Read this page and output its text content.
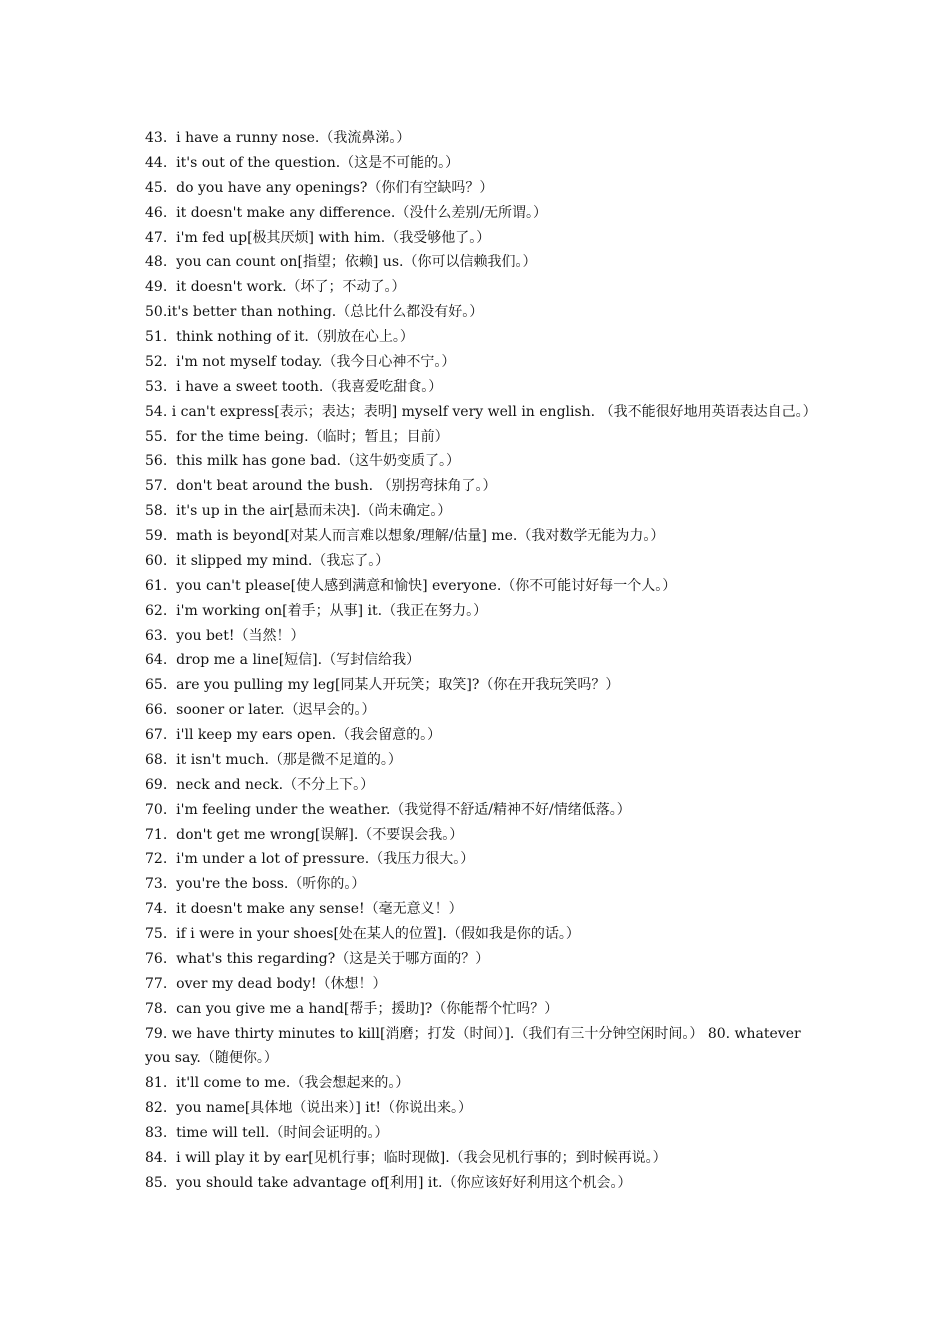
43.  i have a runny nose.（我流鼻涕。）
44.  it's out of the question.（这是不可能的。）
45.  do you have any openings?（你们有空缺吗？）
46.  it doesn't make any difference.（没什么差别/无所谓。）
47.  i'm fed up[极其厌烦] with him.（我受够他了。）
48.  you can count on[指望；依赖] us.（你可以信赖我们。）
49.  it doesn't work.（坏了；不动了。）
50.it's better than nothing.（总比什么都没有好。）
51.  think nothing of it.（别放在心上。）
52.  i'm not myself today.（我今日心神不宁。）
53.  i have a sweet tooth.（我喜爱吃甜食。）
54. i can't express[表示；表达；表明] myself very well in english. （我不能很好地用英语表达自己。）
55.  for the time being.（临时；暂且；目前）
56.  this milk has gone bad.（这牛奶变质了。）
57.  don't beat around the bush. （别拐弯抹角了。）
58.  it's up in the air[悬而未决].（尚未确定。）
59.  math is beyond[对某人而言难以想象/理解/估量] me.（我对数学无能为力。）
60.  it slipped my mind.（我忘了。）
61.  you can't please[使人感到满意和愉快] everyone.（你不可能讨好每一个人。）
62.  i'm working on[着手；从事] it.（我正在努力。）
63.  you bet!（当然！）
64.  drop me a line[短信].（写封信给我）
65.  are you pulling my leg[同某人开玩笑；取笑]?（你在开我玩笑吗？）
66.  sooner or later.（迟早会的。）
67.  i'll keep my ears open.（我会留意的。）
68.  it isn't much.（那是微不足道的。）
69.  neck and neck.（不分上下。）
70.  i'm feeling under the weather.（我觉得不舒适/精神不好/情绪低落。）
71.  don't get me wrong[误解].（不要误会我。）
72.  i'm under a lot of pressure.（我压力很大。）
73.  you're the boss.（听你的。）
74.  it doesn't make any sense!（毫无意义！）
75.  if i were in your shoes[处在某人的位置].（假如我是你的话。）
76.  what's this regarding?（这是关于哪方面的？）
77.  over my dead body!（休想！）
78.  can you give me a hand[帮手；援助]?（你能帮个忙吗？）
79. we have thirty minutes to kill[消磨；打发（时间）].（我们有三十分钟空闲时间。） 80. whatever you say.（随便你。）
81.  it'll come to me.（我会想起来的。）
82.  you name[具体地（说出来）] it!（你说出来。）
83.  time will tell.（时间会证明的。）
84.  i will play it by ear[见机行事；临时现做].（我会见机行事的；到时候再说。）
85.  you should take advantage of[利用] it.（你应该好好利用这个机会。）
